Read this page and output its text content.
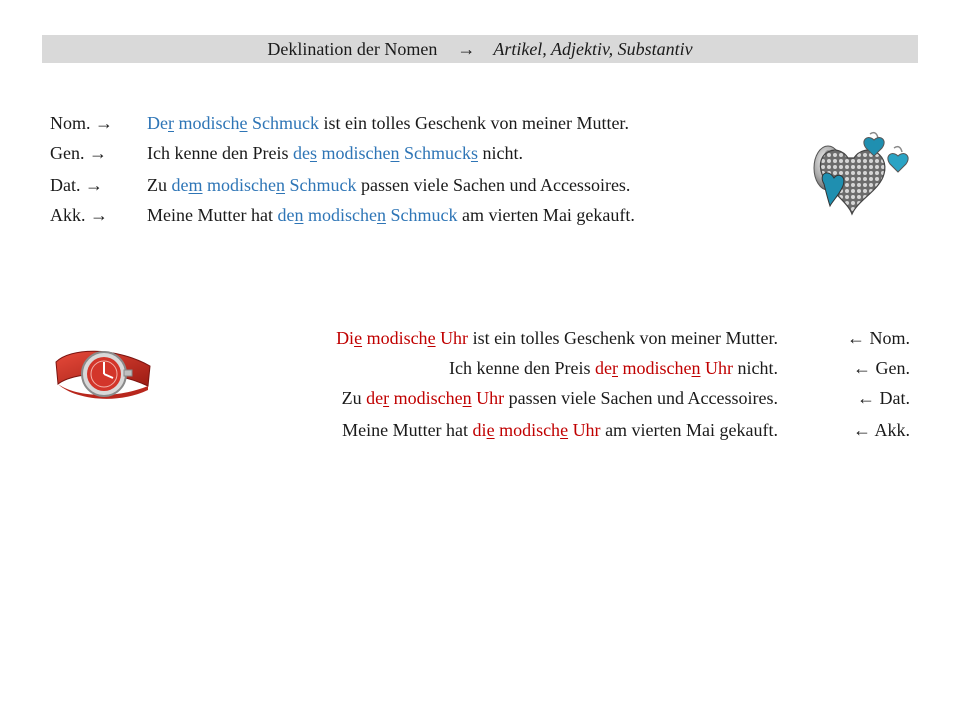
Deklination der Nomen → Artikel, Adjektiv, Substantiv
Nom. → Der modische Schmuck ist ein tolles Geschenk von meiner Mutter.
Gen. → Ich kenne den Preis des modischen Schmucks nicht.
Dat. → Zu dem modischen Schmuck passen viele Sachen und Accessoires.
Akk. → Meine Mutter hat den modischen Schmuck am vierten Mai gekauft.
Die modische Uhr ist ein tolles Geschenk von meiner Mutter.	← Nom.
Ich kenne den Preis der modischen Uhr nicht.	← Gen.
Zu der modischen Uhr passen viele Sachen und Accessoires.	← Dat.
Meine Mutter hat die modische Uhr am vierten Mai gekauft.	← Akk.
